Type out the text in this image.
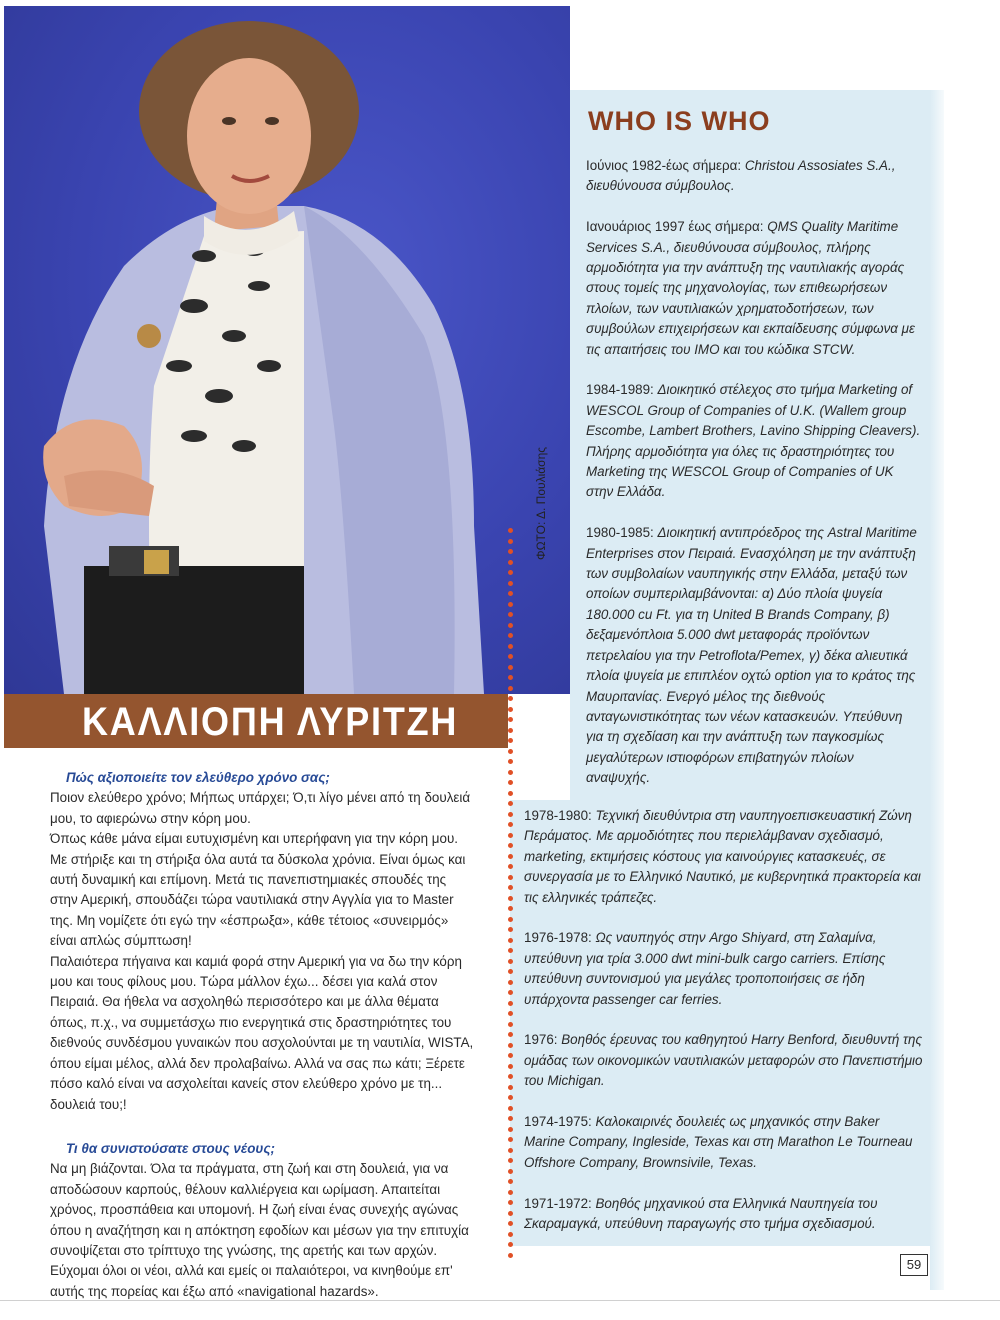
ΦΩΤΟ: Δ. Πουλιάσης
ΚΑΛΛΙΟΠΗ ΛΥΡΙΤΖΗ
WHO IS WHO
Ιούνιος 1982-έως σήμερα: Christou Assosiates S.A., διευθύνουσα σύμβουλος.
Ιανουάριος 1997 έως σήμερα: QMS Quality Maritime Services S.A., διευθύνουσα σύμβουλος, πλήρης αρμοδιότητα για την ανάπτυξη της ναυτιλιακής αγοράς στους τομείς της μηχανολογίας, των επιθεωρήσεων πλοίων, των ναυτιλιακών χρηματοδοτήσεων, των συμβούλων επιχειρήσεων και εκπαίδευσης σύμφωνα με τις απαιτήσεις του ΙΜΟ και του κώδικα STCW.
1984-1989: Διοικητικό στέλεχος στο τμήμα Marketing of WESCOL Group of Companies of U.K. (Wallem group Escombe, Lambert Brothers, Lavino Shipping Cleavers). Πλήρης αρμοδιότητα για όλες τις δραστηριότητες του Marketing της WESCOL Group of Companies of UK στην Ελλάδα.
1980-1985: Διοικητική αντιπρόεδρος της Astral Maritime Enterprises στον Πειραιά. Ενασχόληση με την ανάπτυξη των συμβολαίων ναυπηγικής στην Ελλάδα, μεταξύ των οποίων συμπεριλαμβάνονται: α) Δύο πλοία ψυγεία 180.000 cu Ft. για τη United B Brands Company, β) δεξαμενόπλοια 5.000 dwt μεταφοράς προϊόντων πετρελαίου για την Petroflota/Pemex, γ) δέκα αλιευτικά πλοία ψυγεία με επιπλέον οχτώ option για το κράτος της Μαυριτανίας. Ενεργό μέλος της διεθνούς ανταγωνιστικότητας των νέων κατασκευών. Υπεύθυνη για τη σχεδίαση και την ανάπτυξη των παγκοσμίως μεγαλύτερων ιστιοφόρων επιβατηγών πλοίων αναψυχής.
1978-1980: Τεχνική διευθύντρια στη ναυπηγοεπισκευαστική Ζώνη Περάματος. Με αρμοδιότητες που περιελάμβαναν σχεδιασμό, marketing, εκτιμήσεις κόστους για καινούργιες κατασκευές, σε συνεργασία με το Ελληνικό Ναυτικό, με κυβερνητικά πρακτορεία και τις ελληνικές τράπεζες.
1976-1978: Ως ναυπηγός στην Argo Shiyard, στη Σαλαμίνα, υπεύθυνη για τρία 3.000 dwt mini-bulk cargo carriers. Επίσης υπεύθυνη συντονισμού για μεγάλες τροποποιήσεις σε ήδη υπάρχοντα passenger car ferries.
1976: Βοηθός έρευνας του καθηγητού Harry Benford, διευθυντή της ομάδας των οικονομικών ναυτιλιακών μεταφορών στο Πανεπιστήμιο του Michigan.
1974-1975: Καλοκαιρινές δουλειές ως μηχανικός στην Baker Marine Company, Ingleside, Texas και στη Marathon Le Tourneau Offshore Company, Brownsivile, Texas.
1971-1972: Βοηθός μηχανικού στα Ελληνικά Ναυπηγεία του Σκαραμαγκά, υπεύθυνη παραγωγής στο τμήμα σχεδιασμού.

Πώς αξιοποιείτε τον ελεύθερο χρόνο σας;

Ποιον ελεύθερο χρόνο; Μήπως υπάρχει; Ό,τι λίγο μένει από τη δουλειά μου, το αφιερώνω στην κόρη μου.

Όπως κάθε μάνα είμαι ευτυχισμένη και υπερήφανη για την κόρη μου. Με στήριξε και τη στήριξα όλα αυτά τα δύσκολα χρόνια. Είναι όμως και αυτή δυναμική και επίμονη. Μετά τις πανεπιστημιακές σπουδές της στην Αμερική, σπουδάζει τώρα ναυτιλιακά στην Αγγλία για το Master της. Μη νομίζετε ότι εγώ την «έσπρωξα», κάθε τέτοιος «συνειρμός» είναι απλώς σύμπτωση!

Παλαιότερα πήγαινα και καμιά φορά στην Αμερική για να δω την κόρη μου και τους φίλους μου. Τώρα μάλλον έχω... δέσει για καλά στον Πειραιά. Θα ήθελα να ασχοληθώ περισσότερο και με άλλα θέματα όπως, π.χ., να συμμετάσχω πιο ενεργητικά στις δραστηριότητες του διεθνούς συνδέσμου γυναικών που ασχολούνται με τη ναυτιλία, WISTA, όπου είμαι μέλος, αλλά δεν προλαβαίνω. Αλλά να σας πω κάτι; Ξέρετε πόσο καλό είναι να ασχολείται κανείς στον ελεύθερο χρόνο με τη... δουλειά του;!

Τι θα συνιστούσατε στους νέους;

Να μη βιάζονται. Όλα τα πράγματα, στη ζωή και στη δουλειά, για να αποδώσουν καρπούς, θέλουν καλλιέργεια και ωρίμαση. Απαιτείται χρόνος, προσπάθεια και υπομονή. Η ζωή είναι ένας συνεχής αγώνας όπου η αναζήτηση και η απόκτηση εφοδίων και μέσων για την επιτυχία συνοψίζεται στο τρίπτυχο της γνώσης, της αρετής και των αρχών. Εύχομαι όλοι οι νέοι, αλλά και εμείς οι παλαιότεροι, να κινηθούμε επ' αυτής της πορείας και έξω από «navigational hazards».

59
